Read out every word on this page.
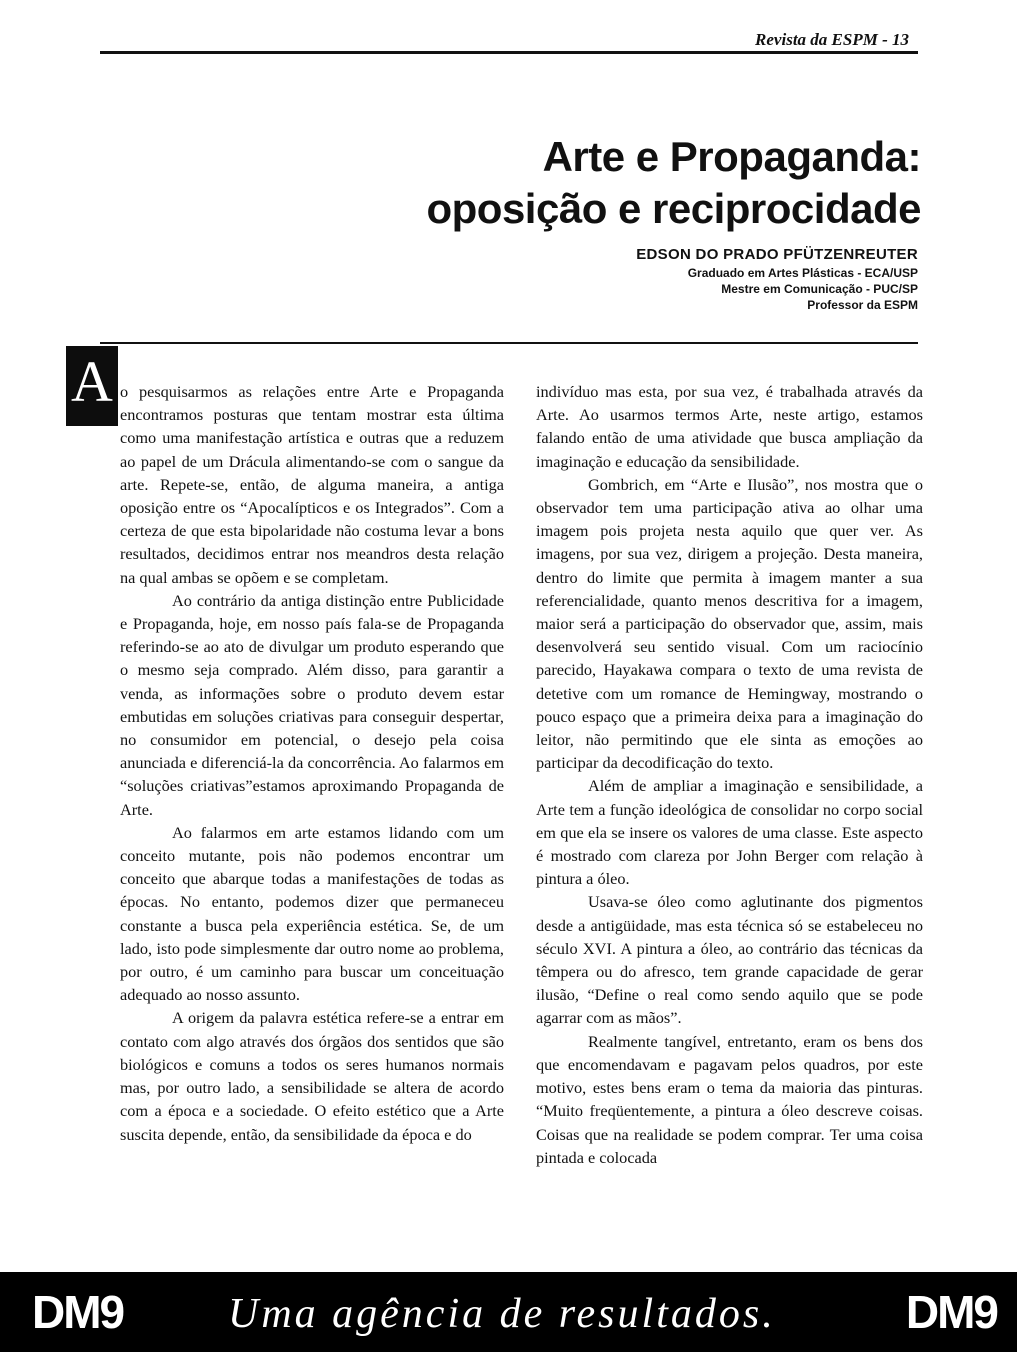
Revista da ESPM - 13
Arte e Propaganda:
oposição e reciprocidade
EDSON DO PRADO PFÜTZENREUTER
Graduado em Artes Plásticas - ECA/USP
Mestre em Comunicação - PUC/SP
Professor da ESPM
A o pesquisarmos as relações entre Arte e Propaganda encontramos posturas que tentam mostrar esta última como uma manifestação artística e outras que a reduzem ao papel de um Drácula alimentando-se com o sangue da arte. Repete-se, então, de alguma maneira, a antiga oposição entre os “Apocalípticos e os Integrados”. Com a certeza de que esta bipolaridade não costuma levar a bons resultados, decidimos entrar nos meandros desta relação na qual ambas se opõem e se completam.

Ao contrário da antiga distinção entre Publicidade e Propaganda, hoje, em nosso país fala-se de Propaganda referindo-se ao ato de divulgar um produto esperando que o mesmo seja comprado. Além disso, para garantir a venda, as informações sobre o produto devem estar embutidas em soluções criativas para conseguir despertar, no consumidor em potencial, o desejo pela coisa anunciada e diferenciá-la da concorrência. Ao falarmos em “soluções criativas”estamos aproximando Propaganda de Arte.

Ao falarmos em arte estamos lidando com um conceito mutante, pois não podemos encontrar um conceito que abarque todas a manifestações de todas as épocas. No entanto, podemos dizer que permaneceu constante a busca pela experiência estética. Se, de um lado, isto pode simplesmente dar outro nome ao problema, por outro, é um caminho para buscar um conceituação adequado ao nosso assunto.

A origem da palavra estética refere-se a entrar em contato com algo através dos órgãos dos sentidos que são biológicos e comuns a todos os seres humanos normais mas, por outro lado, a sensibilidade se altera de acordo com a época e a sociedade. O efeito estético que a Arte suscita depende, então, da sensibilidade da época e do

indivíduo mas esta, por sua vez, é trabalhada através da Arte. Ao usarmos termos Arte, neste artigo, estamos falando então de uma atividade que busca ampliação da imaginação e educação da sensibilidade.

Gombrich, em “Arte e Ilusão”, nos mostra que o observador tem uma participação ativa ao olhar uma imagem pois projeta nesta aquilo que quer ver. As imagens, por sua vez, dirigem a projeção. Desta maneira, dentro do limite que permita à imagem manter a sua referencialidade, quanto menos descritiva for a imagem, maior será a participação do observador que, assim, mais desenvolverá seu sentido visual. Com um raciocínio parecido, Hayakawa compara o texto de uma revista de detetive com um romance de Hemingway, mostrando o pouco espaço que a primeira deixa para a imaginação do leitor, não permitindo que ele sinta as emoções ao participar da decodificação do texto.

Além de ampliar a imaginação e sensibilidade, a Arte tem a função ideológica de consolidar no corpo social em que ela se insere os valores de uma classe. Este aspecto é mostrado com clareza por John Berger com relação à pintura a óleo.

Usava-se óleo como aglutinante dos pigmentos desde a antigüidade, mas esta técnica só se estabeleceu no século XVI. A pintura a óleo, ao contrário das técnicas da têmpera ou do afresco, tem grande capacidade de gerar ilusão, “Define o real como sendo aquilo que se pode agarrar com as mãos”.

Realmente tangível, entretanto, eram os bens dos que encomendavam e pagavam pelos quadros, por este motivo, estes bens eram o tema da maioria das pinturas. “Muito freqüentemente, a pintura a óleo descreve coisas. Coisas que na realidade se podem comprar. Ter uma coisa pintada e colocada

DM9 Uma agência de resultados.	DM9
